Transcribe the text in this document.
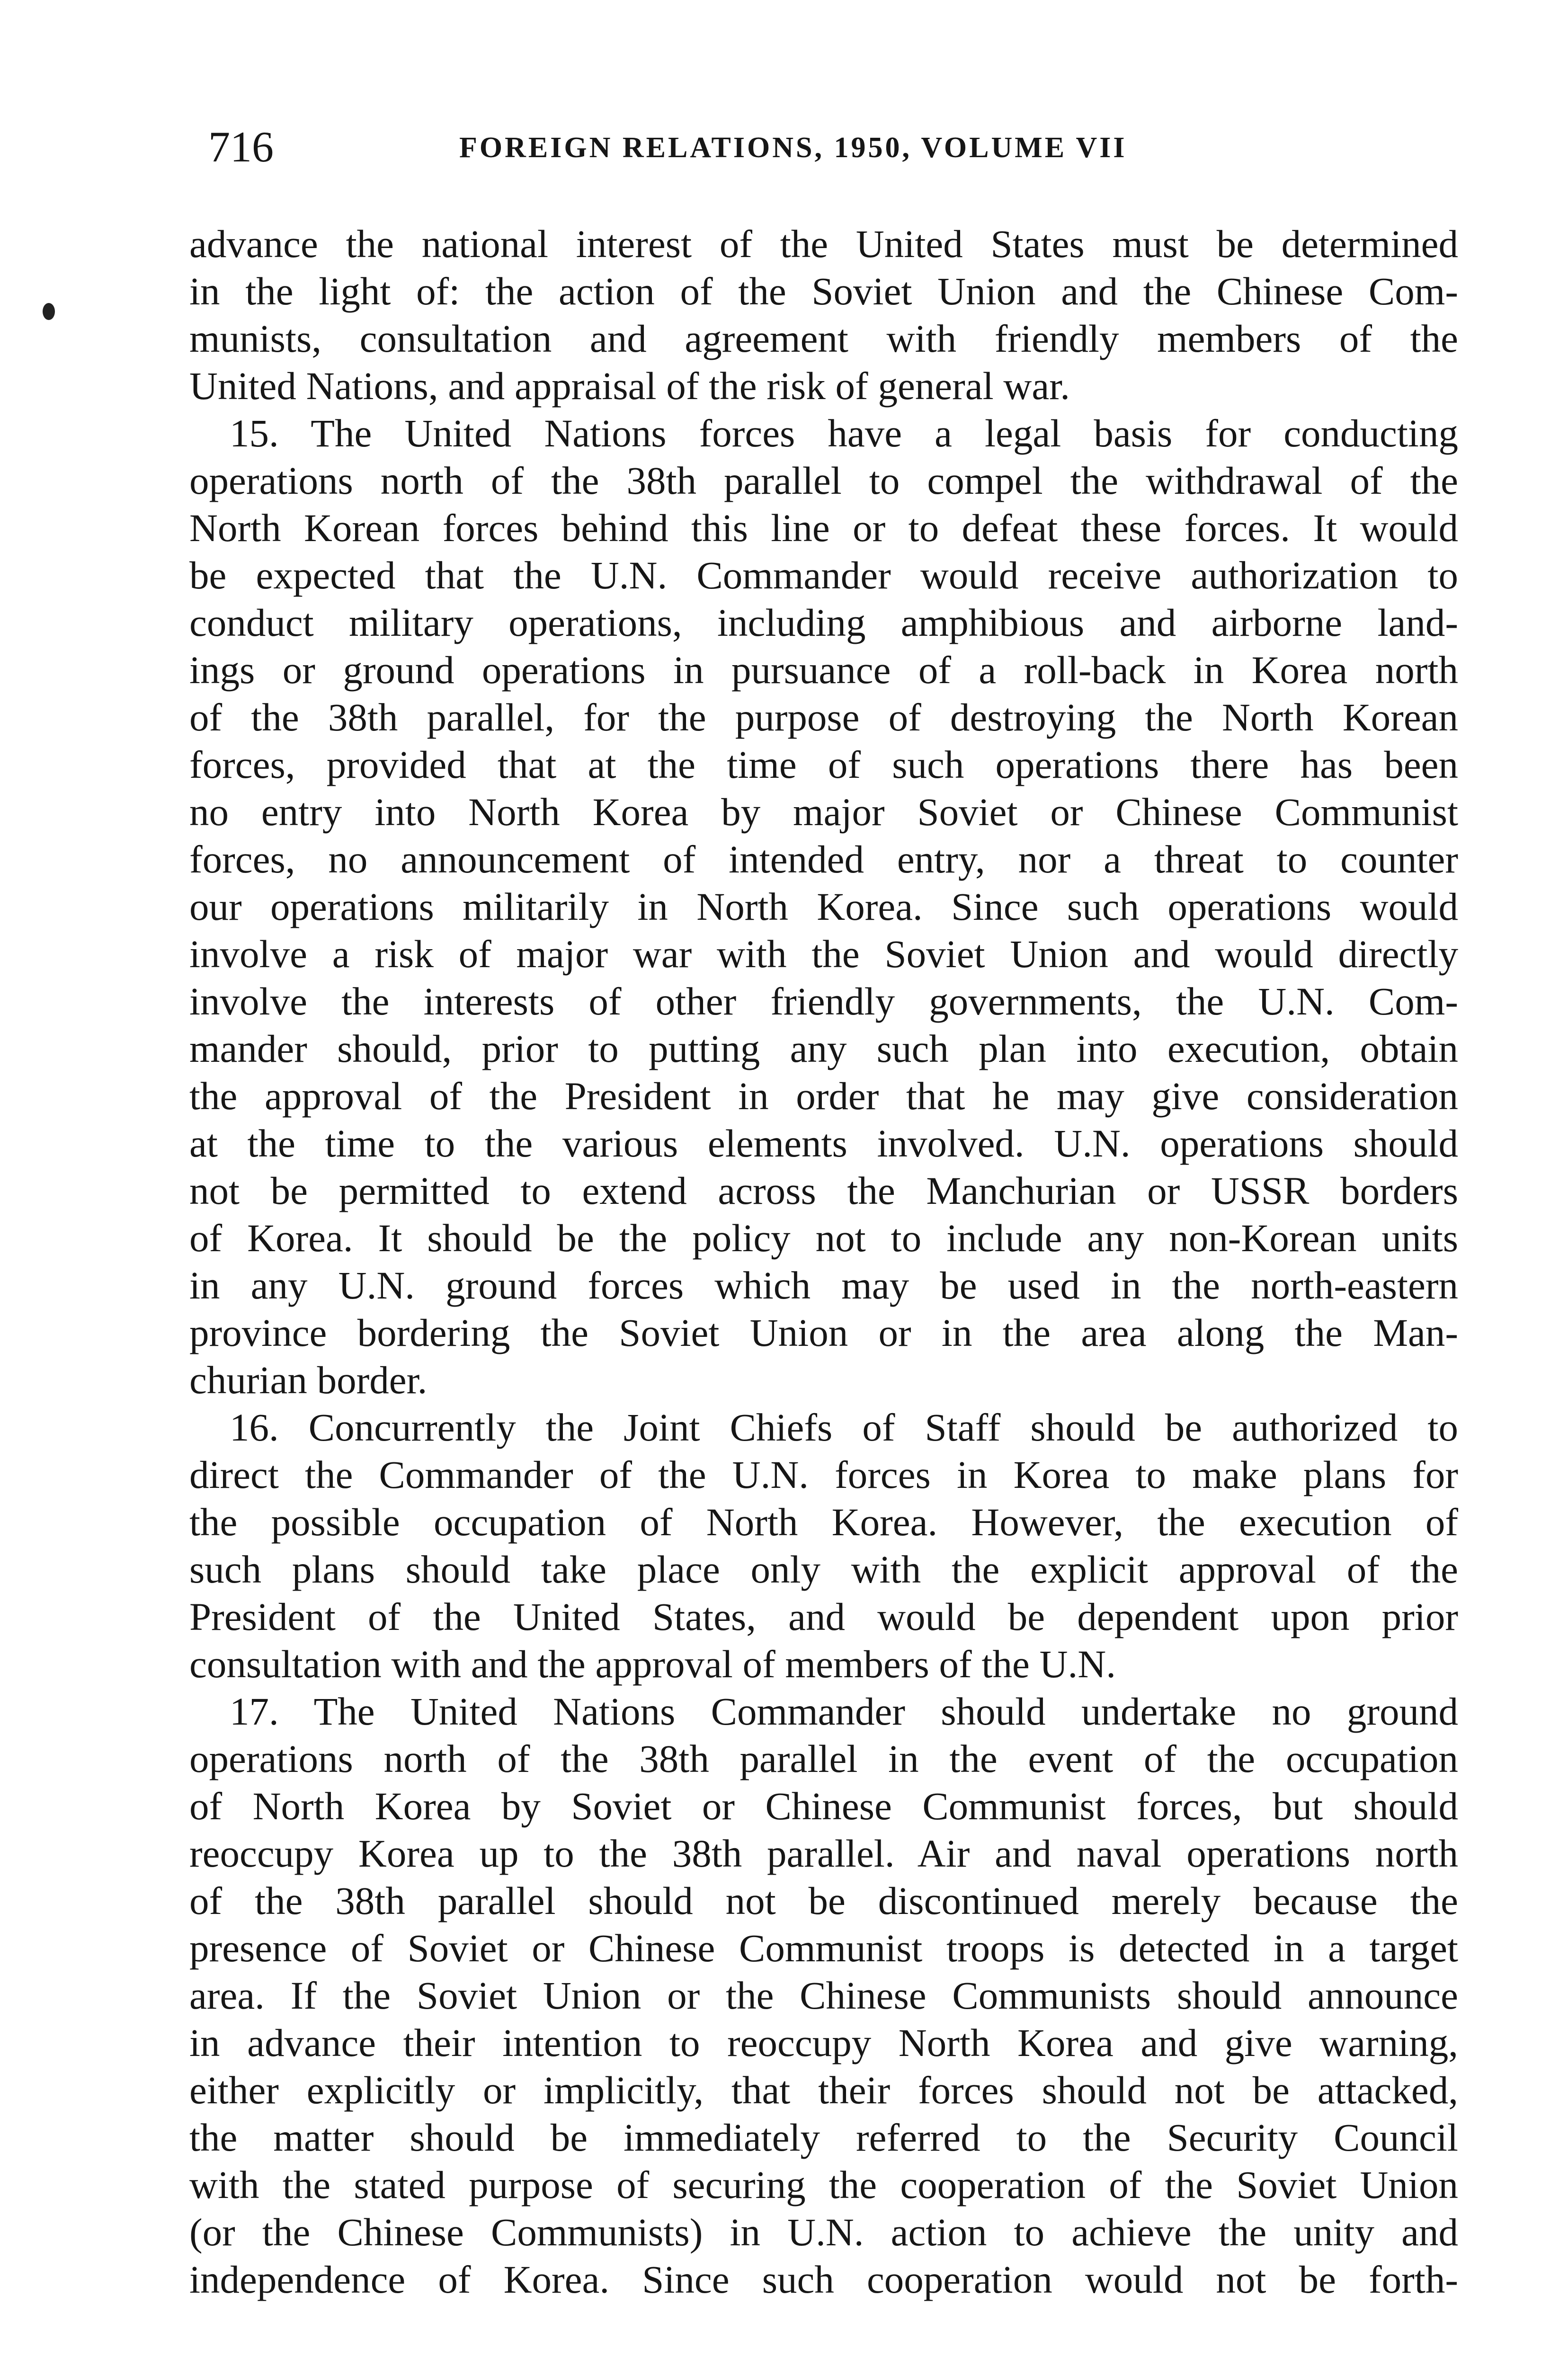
716	FOREIGN RELATIONS, 1950, VOLUME VII
advance the national interest of the United States must be determined
in the light of: the action of the Soviet Union and the Chinese Com-
munists, consultation and agreement with friendly members of the
United Nations, and appraisal of the risk of general war.
15. The United Nations forces have a legal basis for conducting
operations north of the 38th parallel to compel the withdrawal of the
North Korean forces behind this line or to defeat these forces. It would
be expected that the U.N. Commander would receive authorization to
conduct military operations, including amphibious and airborne land-
ings or ground operations in pursuance of a roll-back in Korea north
of the 38th parallel, for the purpose of destroying the North Korean
forces, provided that at the time of such operations there has been
no entry into North Korea by major Soviet or Chinese Communist
forces, no announcement of intended entry, nor a threat to counter
our operations militarily in North Korea. Since such operations would
involve a risk of major war with the Soviet Union and would directly
involve the interests of other friendly governments, the U.N. Com-
mander should, prior to putting any such plan into execution, obtain
the approval of the President in order that he may give consideration
at the time to the various elements involved. U.N. operations should
not be permitted to extend across the Manchurian or USSR borders
of Korea. It should be the policy not to include any non-Korean units
in any U.N. ground forces which may be used in the north-eastern
province bordering the Soviet Union or in the area along the Man-
churian border.
16. Concurrently the Joint Chiefs of Staff should be authorized to
direct the Commander of the U.N. forces in Korea to make plans for
the possible occupation of North Korea. However, the execution of
such plans should take place only with the explicit approval of the
President of the United States, and would be dependent upon prior
consultation with and the approval of members of the U.N.
17. The United Nations Commander should undertake no ground
operations north of the 38th parallel in the event of the occupation
of North Korea by Soviet or Chinese Communist forces, but should
reoccupy Korea up to the 38th parallel. Air and naval operations north
of the 38th parallel should not be discontinued merely because the
presence of Soviet or Chinese Communist troops is detected in a target
area. If the Soviet Union or the Chinese Communists should announce
in advance their intention to reoccupy North Korea and give warning,
either explicitly or implicitly, that their forces should not be attacked,
the matter should be immediately referred to the Security Council
with the stated purpose of securing the cooperation of the Soviet Union
(or the Chinese Communists) in U.N. action to achieve the unity and
independence of Korea. Since such cooperation would not be forth-
